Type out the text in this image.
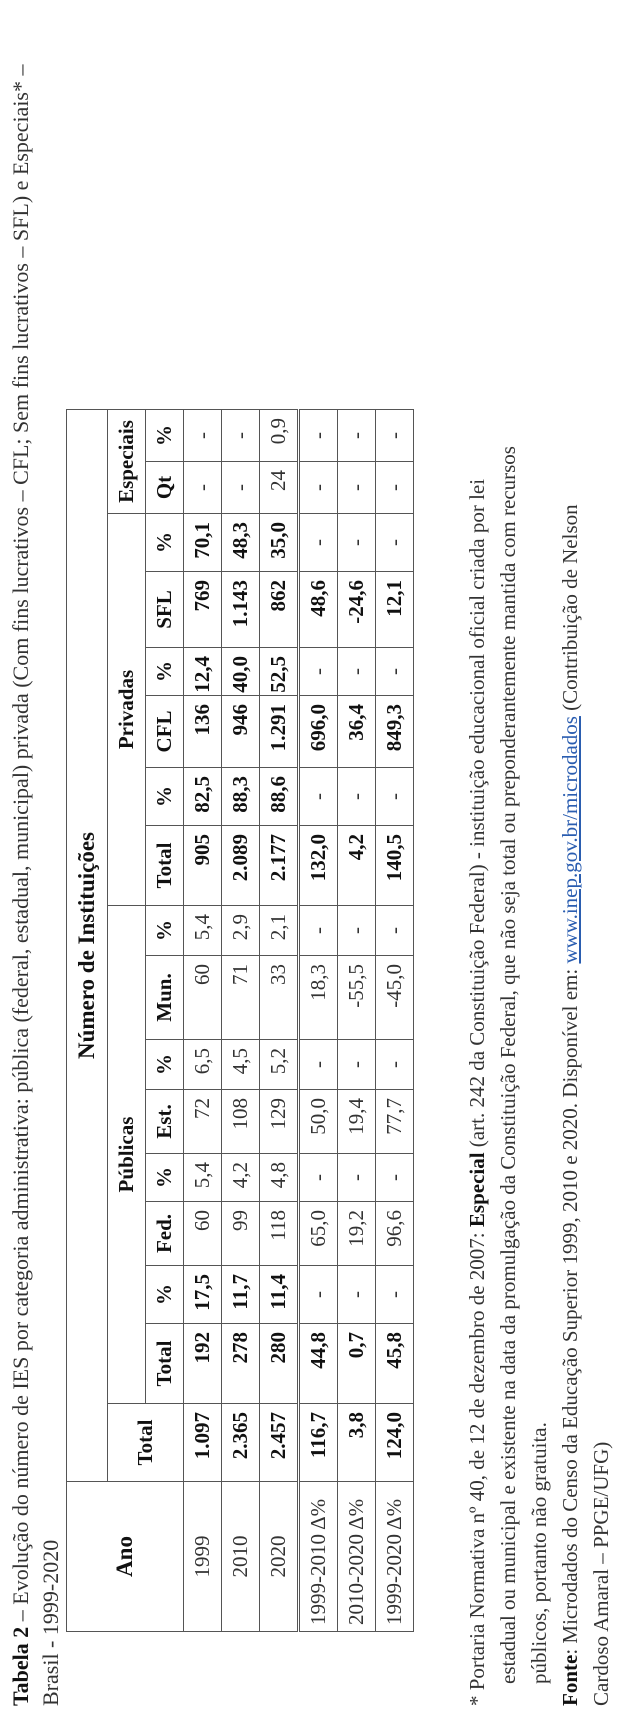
Tabela 2 – Evolução do número de IES por categoria administrativa: pública (federal, estadual, municipal) privada (Com fins lucrativos – CFL; Sem fins lucrativos – SFL) e Especiais* – Brasil - 1999-2020 Ano	Número de Instituições																
	Total	Públicas								Privadas						Especiais	
		Total	%	Fed.	%	Est.	%	Mun.	%	Total	%	CFL	%	SFL	%	Qt	%
1999	1.097	192	17,5	60	5,4	72	6,5	60	5,4	905	82,5	136	12,4	769	70,1	-	-
2010	2.365	278	11,7	99	4,2	108	4,5	71	2,9	2.089	88,3	946	40,0	1.143	48,3	-	-
2020	2.457	280	11,4	118	4,8	129	5,2	33	2,1	2.177	88,6	1.291	52,5	862	35,0	24	0,9
1999-2010 Δ%	116,7	44,8	-	65,0	-	50,0	-	18,3	-	132,0	-	696,0	-	48,6	-	-	-
2010-2020 Δ%	3,8	0,7	-	19,2	-	19,4	-	-55,5	-	4,2	-	36,4	-	-24,6	-	-	-
1999-2020 Δ%	124,0	45,8	-	96,6	-	77,7	-	-45,0	-	140,5	-	849,3	-	12,1	-	-	-
* Portaria Normativa nº 40, de 12 de dezembro de 2007: Especial (art. 242 da Constituição Federal) - instituição educacional oficial criada por lei estadual ou municipal e existente na data da promulgação da Constituição Federal, que não seja total ou preponderantemente mantida com recursos públicos, portanto não gratuita. Fonte: Microdados do Censo da Educação Superior 1999, 2010 e 2020. Disponível em: www.inep.gov.br/microdados (Contribuição de Nelson
Cardoso Amaral – PPGE/UFG)
